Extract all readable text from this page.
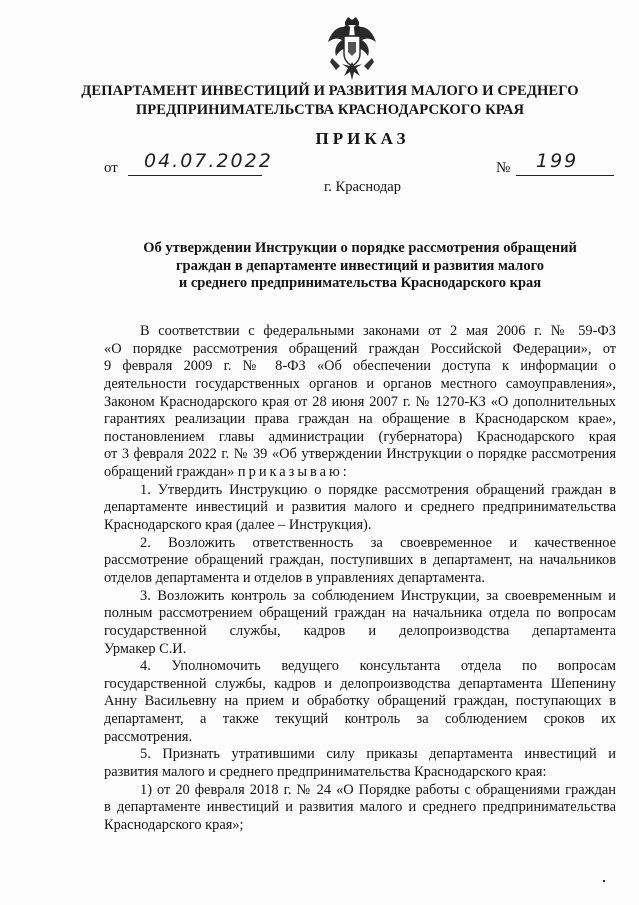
ДЕПАРТАМЕНТ ИНВЕСТИЦИЙ И РАЗВИТИЯ МАЛОГО И СРЕДНЕГО
ПРЕДПРИНИМАТЕЛЬСТВА КРАСНОДАРСКОГО КРАЯ
ПРИКАЗ
от 04.07.2022	№ 199
г. Краснодар
Об утверждении Инструкции о порядке рассмотрения обращений
граждан в департаменте инвестиций и развития малого
и среднего предпринимательства Краснодарского края
В соответствии с федеральными законами от 2 мая 2006 г. № 59-ФЗ
«О порядке рассмотрения обращений граждан Российской Федерации», от
9 февраля 2009 г. № 8-ФЗ «Об обеспечении доступа к информации о
деятельности государственных органов и органов местного самоуправления»,
Законом Краснодарского края от 28 июня 2007 г. № 1270-КЗ «О дополнительных
гарантиях реализации права граждан на обращение в Краснодарском крае»,
постановлением главы администрации (губернатора) Краснодарского края
от 3 февраля 2022 г. № 39 «Об утверждении Инструкции о порядке рассмотрения
обращений граждан» приказываю:
1. Утвердить Инструкцию о порядке рассмотрения обращений граждан в
департаменте инвестиций и развития малого и среднего предпринимательства
Краснодарского края (далее – Инструкция).
2. Возложить ответственность за своевременное и качественное
рассмотрение обращений граждан, поступивших в департамент, на начальников
отделов департамента и отделов в управлениях департамента.
3. Возложить контроль за соблюдением Инструкции, за своевременным и
полным рассмотрением обращений граждан на начальника отдела по вопросам
государственной службы, кадров и делопроизводства департамента
Урмакер С.И.
4. Уполномочить ведущего консультанта отдела по вопросам
государственной службы, кадров и делопроизводства департамента Шепенину
Анну Васильевну на прием и обработку обращений граждан, поступающих в
департамент, а также текущий контроль за соблюдением сроков их
рассмотрения.
5. Признать утратившими силу приказы департамента инвестиций и
развития малого и среднего предпринимательства Краснодарского края:
1) от 20 февраля 2018 г. № 24 «О Порядке работы с обращениями граждан
в департаменте инвестиций и развития малого и среднего предпринимательства
Краснодарского края»;
